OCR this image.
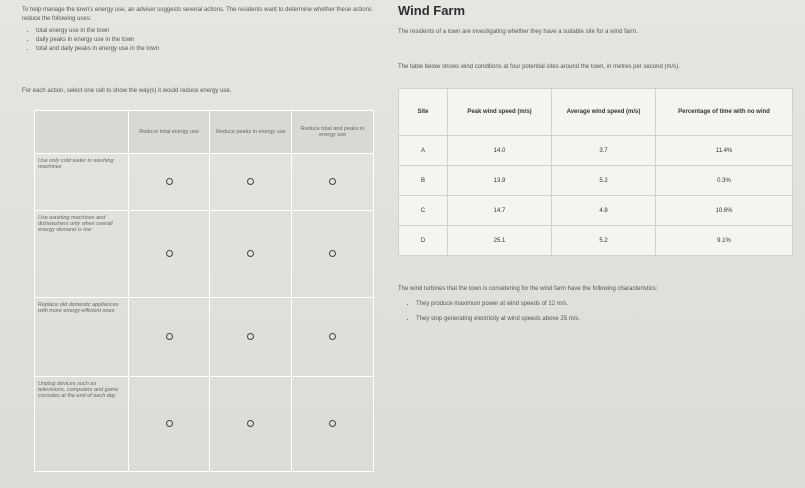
To help manage the town's energy use, an adviser suggests several actions. The residents want to determine whether these actions reduce the following uses:
• total energy use in the town
• daily peaks in energy use in the town
• total and daily peaks in energy use in the town
For each action, select one cell to show the way(s) it would reduce energy use.
	Reduce total energy use	Reduce peaks in energy use	Reduce total and peaks in energy use
Use only cold water in washing machines			
Use washing machines and dishwashers only when overall energy demand is low			
Replace old domestic appliances with more energy-efficient ones			
Unplug devices such as televisions, computers and game consoles at the end of each day			
Wind Farm
The residents of a town are investigating whether they have a suitable site for a wind farm.
The table below shows wind conditions at four potential sites around the town, in metres per second (m/s).
Site	Peak wind speed (m/s)	Average wind speed (m/s)	Percentage of time with no wind
A	14.0	3.7	11.4%
B	13.9	5.2	0.3%
C	14.7	4.8	10.6%
D	25.1	5.2	9.1%
The wind turbines that the town is considering for the wind farm have the following characteristics:
• They produce maximum power at wind speeds of 12 m/s.
• They stop generating electricity at wind speeds above 25 m/s.
